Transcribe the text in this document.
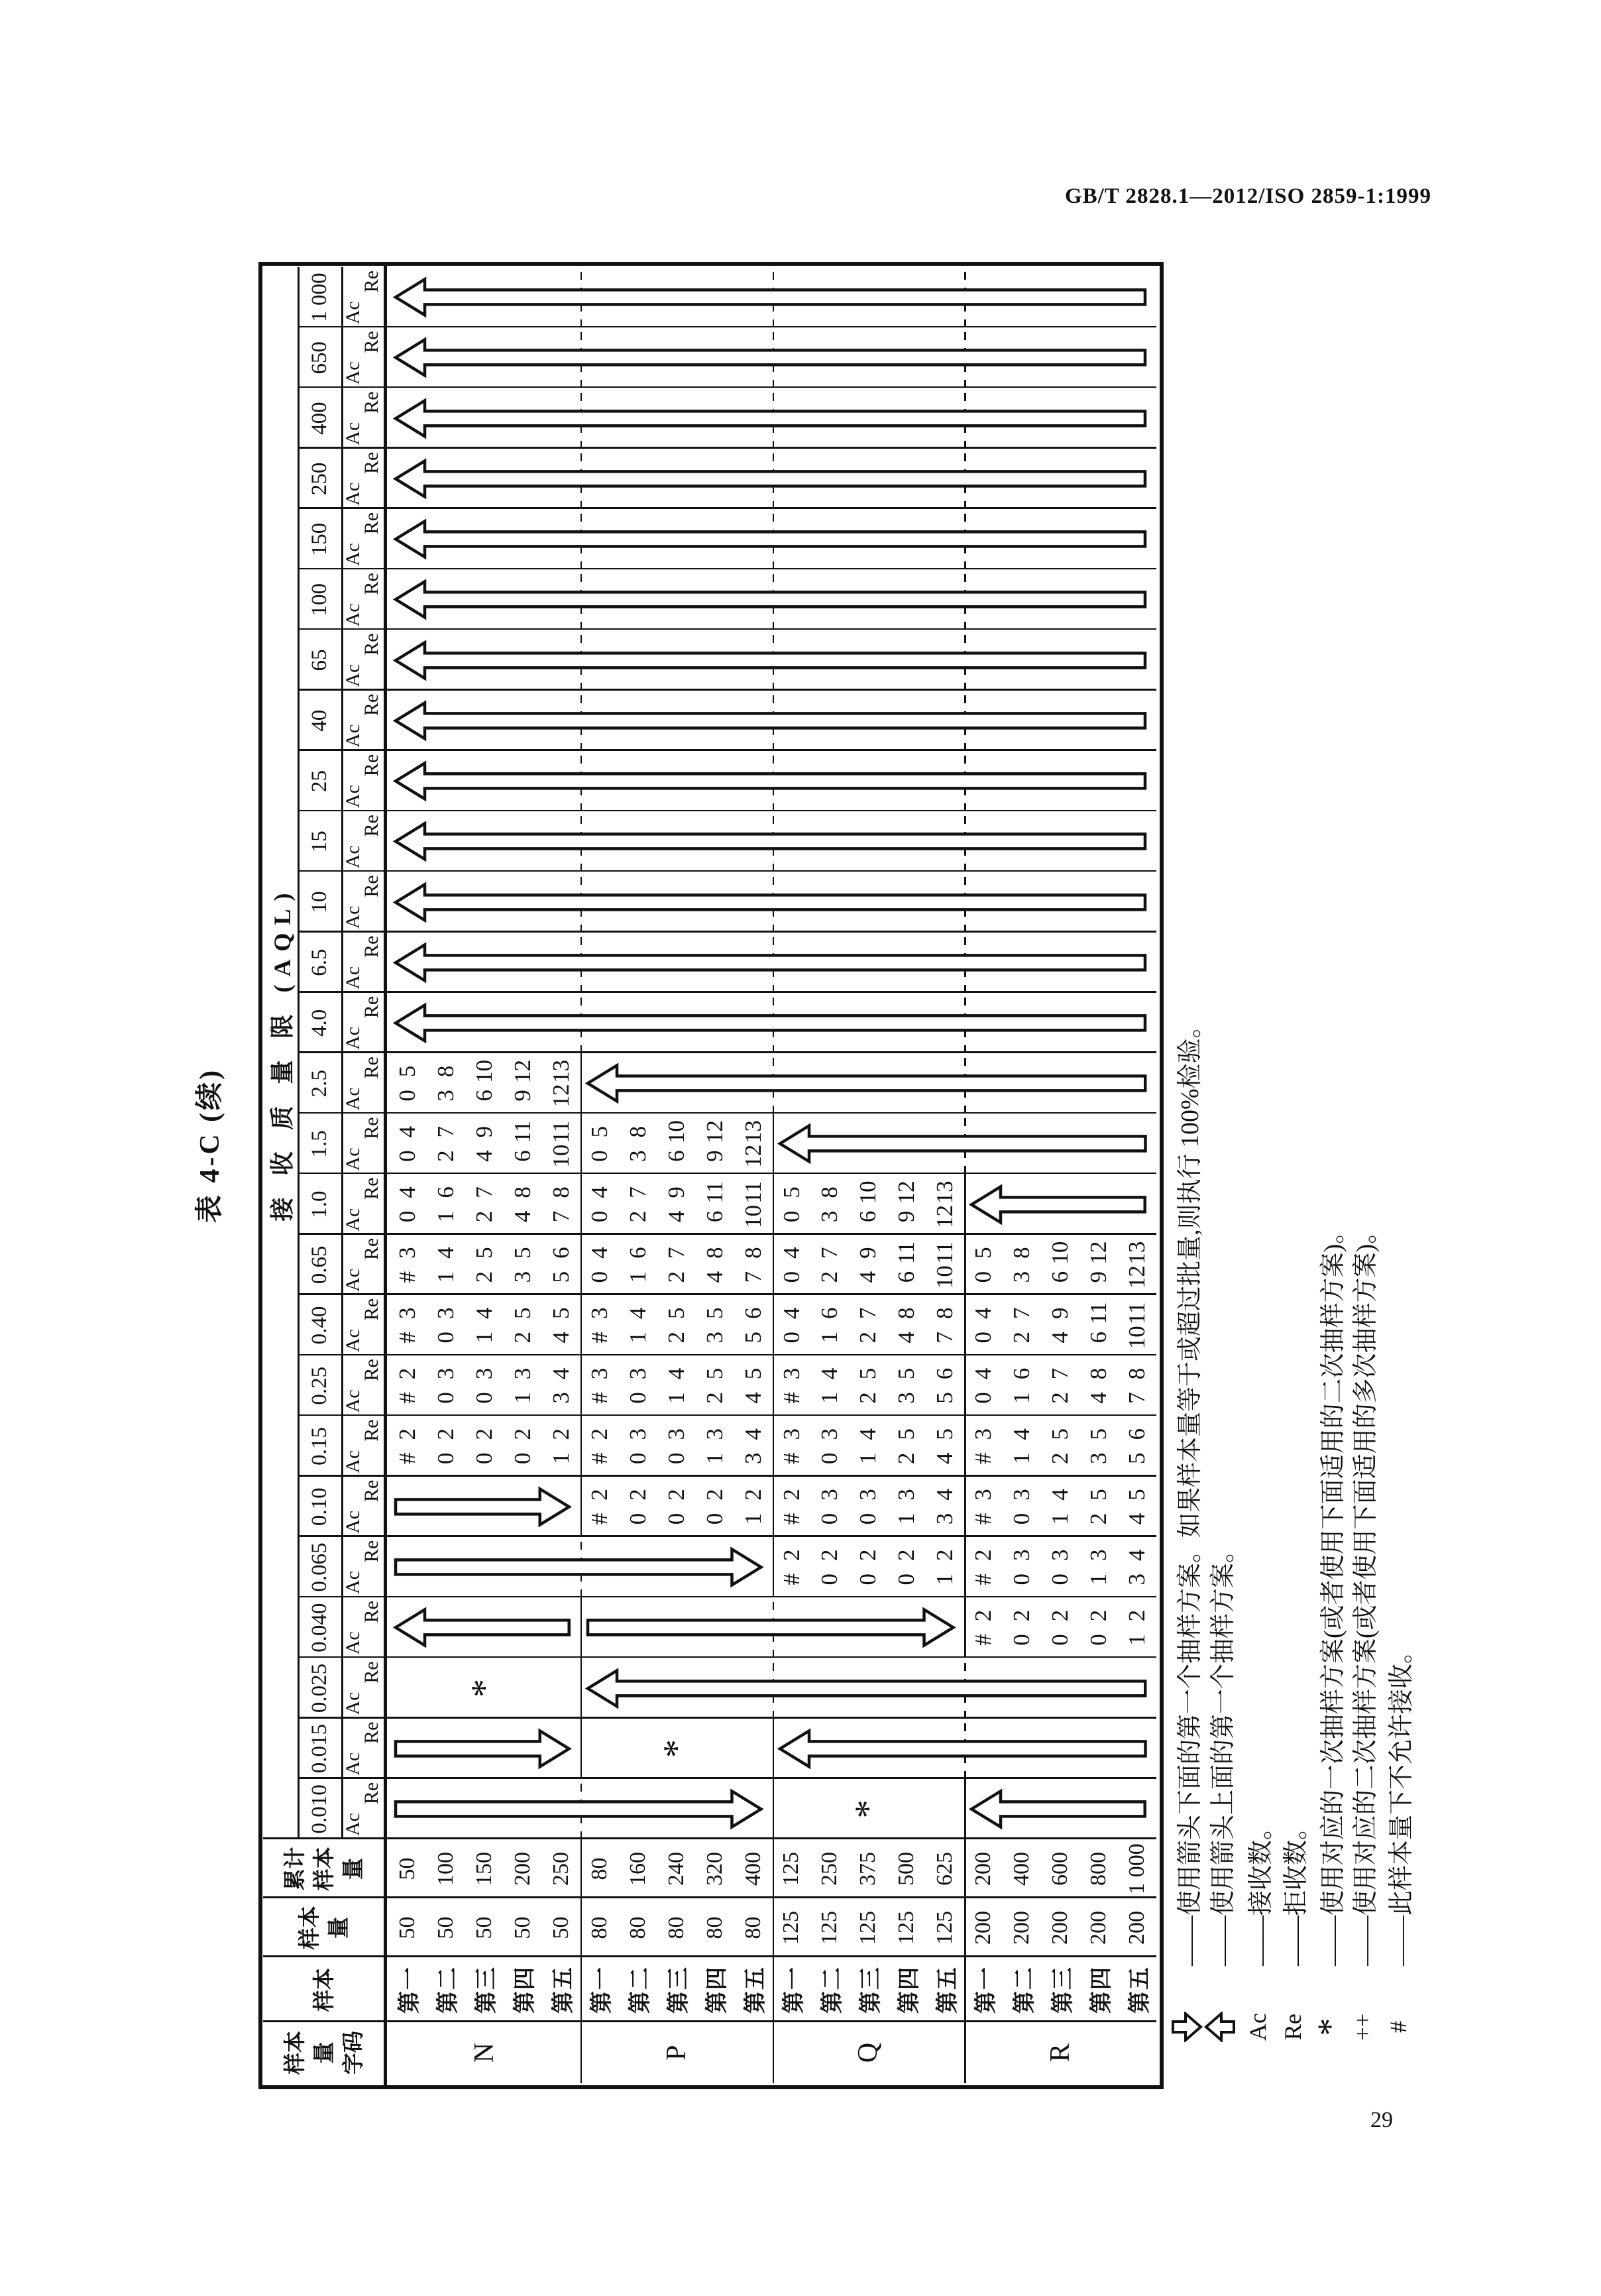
GB/T 2828.1—2012/ISO 2859-1:1999
29
表 4-C (续) 接 收 质 量 限 (AQL)
0.010 Ac
Re
0.015 Ac
Re
0.025 Ac
Re
0.040 Ac
Re
0.065 Ac
Re
0.10 Ac
Re
0.15 Ac
Re
0.25 Ac
Re
0.40 Ac
Re
0.65 Ac
Re
1.0
Ac
Re
1.5
Ac
Re
2.5
Ac
Re
4.0
Ac
Re
6.5
Ac
Re
10
Ac
Re
15
Ac
Re
25
Ac
Re
40
Ac
Re
65
Ac
Re
100 Ac
Re
150 Ac
Re
250 Ac
Re
400 Ac
Re
650 Ac
Re
1 000 Ac
Re
样本 量 字码
样本
样本 量
累计 样本 量
N
第一
50
50
第二
50
100
第三
50
150
第四
50
200
第五
50
250
#
2
0
2
0
2
0
2
1
2
#
2
0
3
0
3
1
3
3
4
#
3
0
3
1
4
2
5
4
5
#
3
1
4
2
5
3
5
5
6
0
4
1
6
2
7
4
8
7
8
0
4
2
7
4
9
6
11
10
11
0
5
3
8
6
10
9
12
12
13
P
第一
80
80
第二
80
160
第三
80
240
第四
80
320
第五
80
400
#
2
0
2
0
2
0
2
1
2
#
2
0
3
0
3
1
3
3
4
#
3
0
3
1
4
2
5
4
5
#
3
1
4
2
5
3
5
5
6
0
4
1
6
2
7
4
8
7
8
0
4
2
7
4
9
6
11
10
11
0
5
3
8
6
10
9
12
12
13
Q
第一
125
125
第二
125
250
第三
125
375
第四
125
500
第五
125
625
#
2
0
2
0
2
0
2
1
2
#
2
0
3
0
3
1
3
3
4
#
3
0
3
1
4
2
5
4
5
#
3
1
4
2
5
3
5
5
6
0
4
1
6
2
7
4
8
7
8
0
4
2
7
4
9
6
11
10
11
0
5
3
8
6
10
9
12
12
13
R
第一
200
200
第二
200
400
第三
200
600
第四
200
800
第五
200
1 000
#
2
0
2
0
2
0
2
1
2
#
2
0
3
0
3
1
3
3
4
#
3
0
3
1
4
2
5
4
5
#
3
1
4
2
5
3
5
5
6
0
4
1
6
2
7
4
8
7
8
0
4
2
7
4
9
6
11
10
11
0
5
3
8
6
10
9
12
12
13
*
*
*	——使用箭头下面的第一个抽样方案。如果样本量等于或超过批量,则执行 100%检验。 ——使用箭头上面的第一个抽样方案。
Ac
——接收数。
Re
——拒收数。
*
——使用对应的一次抽样方案(或者使用下面适用的二次抽样方案)。
++
——使用对应的二次抽样方案(或者使用下面适用的多次抽样方案)。
#
——此样本量下不允许接收。
